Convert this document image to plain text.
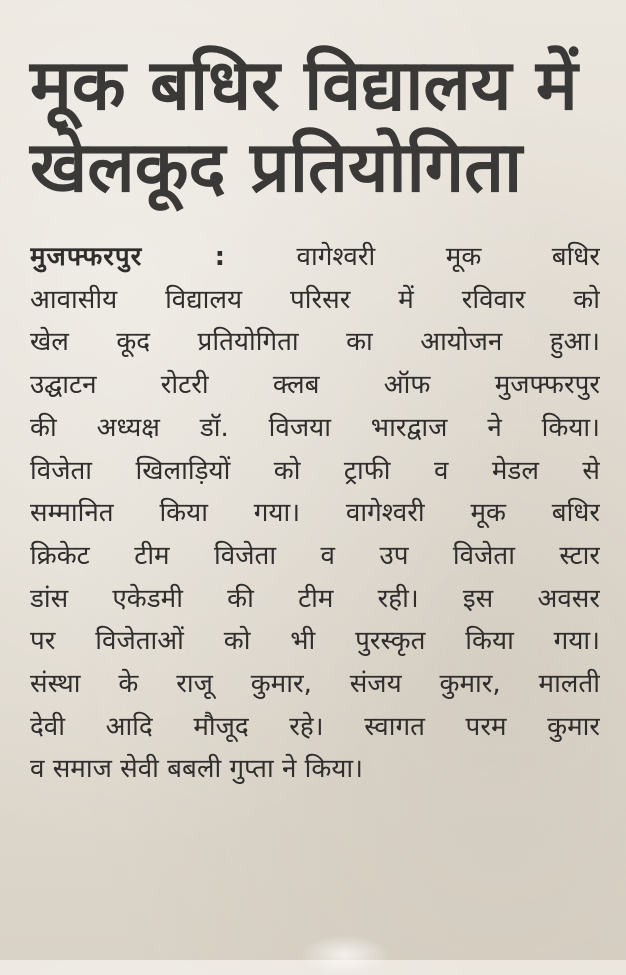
मूक बधिर विद्यालय में
खेलकूद प्रतियोगिता
मुजफ्फरपुर :	वागेश्वरी मूक बधिर
आवासीय विद्यालय परिसर में रविवार को
खेल कूद प्रतियोगिता का आयोजन हुआ।
उद्घाटन रोटरी क्लब ऑफ मुजफ्फरपुर
की अध्यक्ष डॉ. विजया भारद्वाज ने किया।
विजेता खिलाड़ियों को ट्राफी व मेडल से
सम्मानित किया गया। वागेश्वरी मूक बधिर
क्रिकेट टीम विजेता व उप विजेता स्टार
डांस एकेडमी की टीम रही। इस अवसर
पर विजेताओं को भी पुरस्कृत किया गया।
संस्था के राजू कुमार, संजय कुमार, मालती
देवी आदि मौजूद रहे। स्वागत परम कुमार
व समाज सेवी बबली गुप्ता ने किया।
